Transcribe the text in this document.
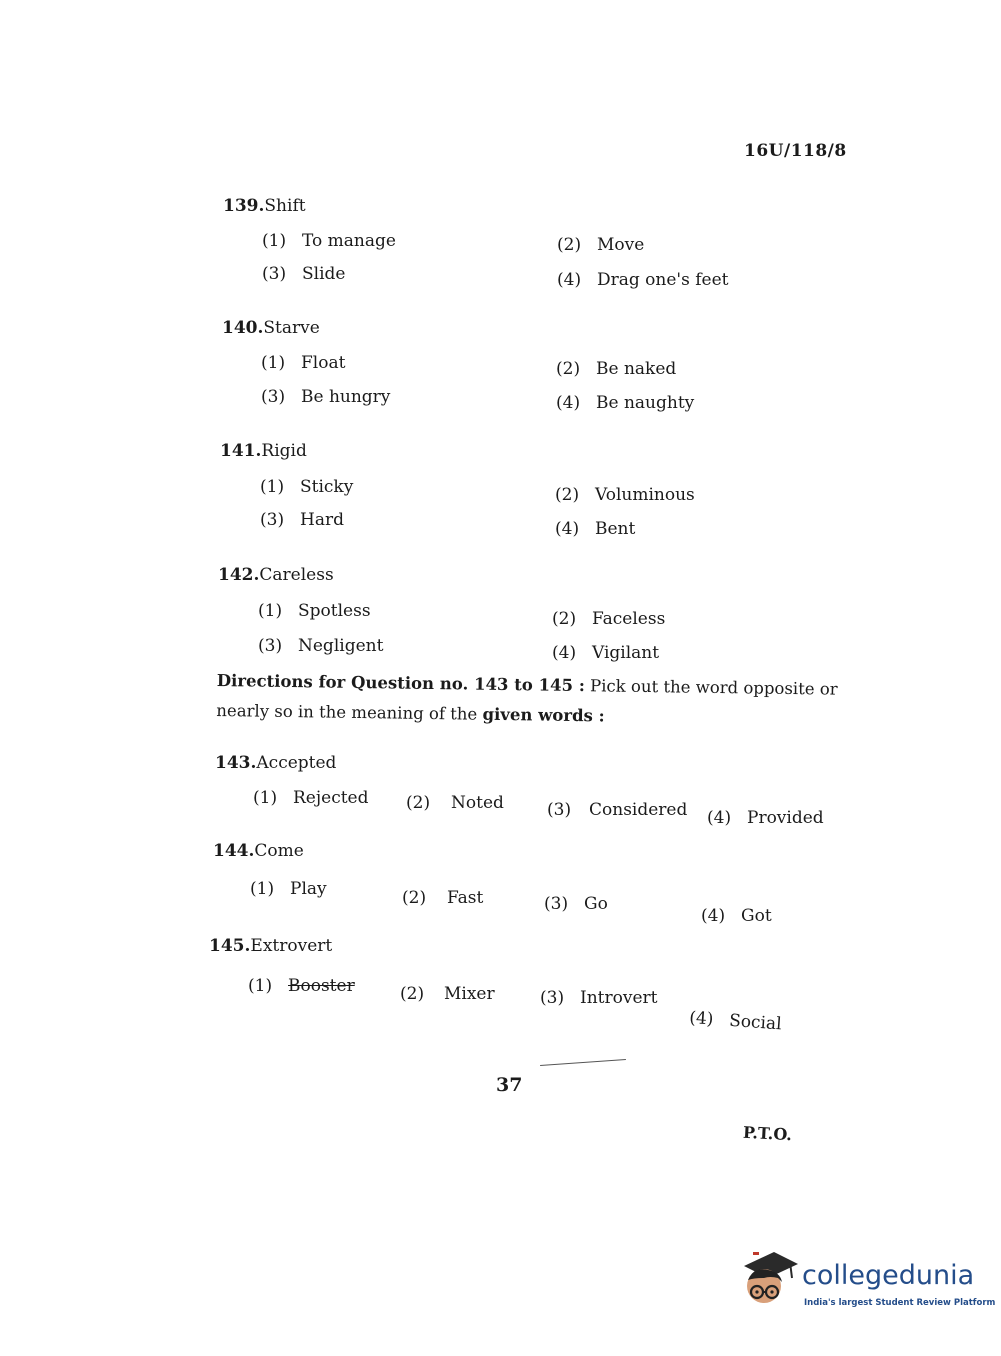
16U/118/8
139.Shift
(1) To manage	(2) Move
(3) Slide	(4) Drag one's feet
140.Starve
(1) Float	(2) Be naked
(3) Be hungry	(4) Be naughty
141.Rigid
(1) Sticky	(2) Voluminous
(3) Hard	(4) Bent
142.Careless
(1) Spotless	(2) Faceless
(3) Negligent	(4) Vigilant
Directions for Question no. 143 to 145 : Pick out the word opposite or nearly so in the meaning of the given words :
143.Accepted
(1) Rejected (2) Noted	(3) Considered (4) Provided
144.Come
(1) Play	(2) Fast	(3) Go
(4) Got
145.Extrovert
(1) Booster	(2) Mixer	(3) Introvert
(4) Social
37
P.T.O.
collegedunia
India's largest Student Review Platform
